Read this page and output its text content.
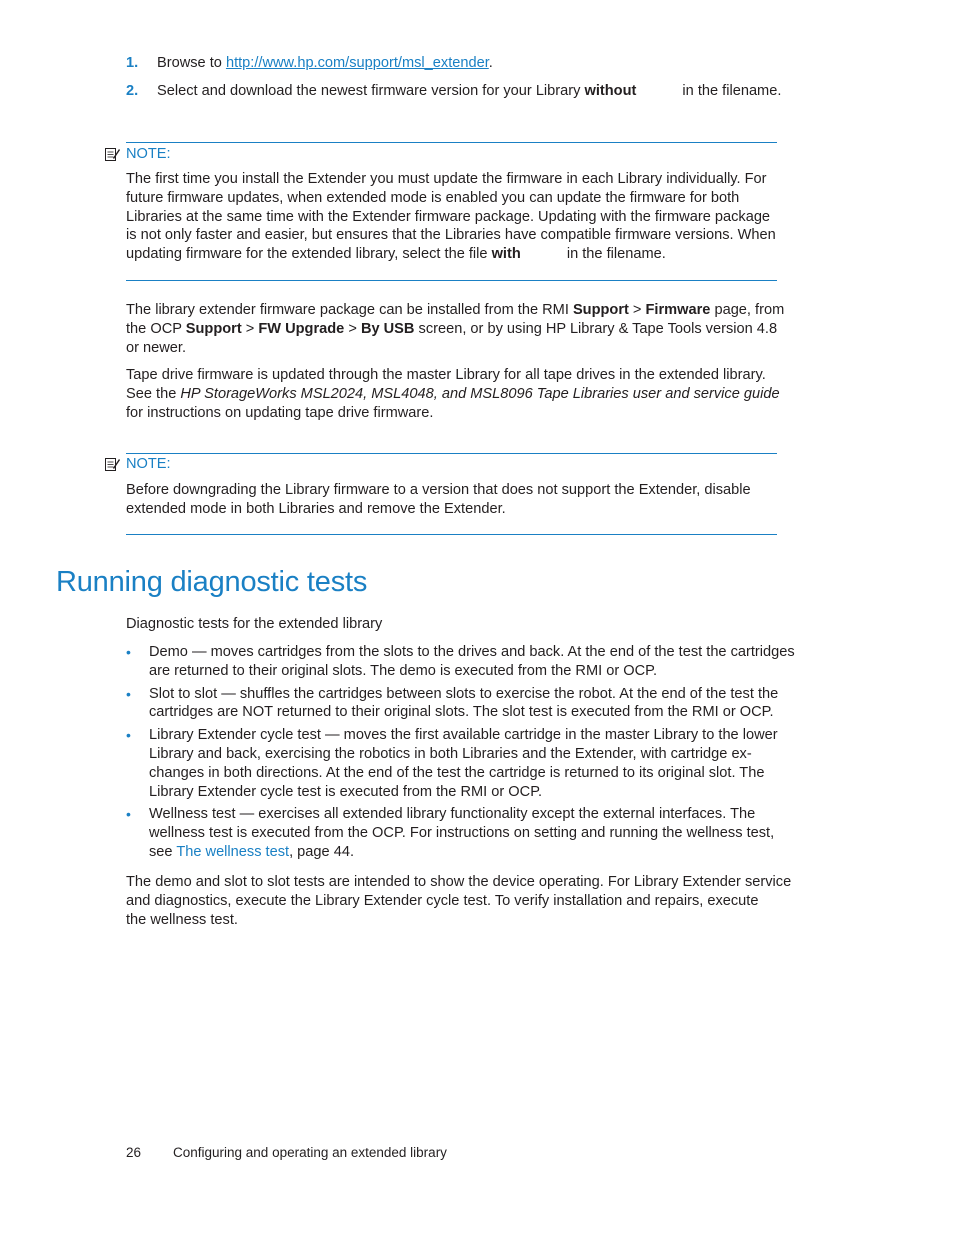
1. Browse to http://www.hp.com/support/msl_extender.
2. Select and download the newest firmware version for your Library without	in the filename.
NOTE:
The first time you install the Extender you must update the firmware in each Library individually. For
future firmware updates, when extended mode is enabled you can update the firmware for both
Libraries at the same time with the Extender firmware package. Updating with the firmware package
is not only faster and easier, but ensures that the Libraries have compatible firmware versions. When
updating firmware for the extended library, select the file with	in the filename.
The library extender firmware package can be installed from the RMI Support > Firmware page, from
the OCP Support > FW Upgrade > By USB screen, or by using HP Library & Tape Tools version 4.8
or newer.
Tape drive firmware is updated through the master Library for all tape drives in the extended library.
See the HP StorageWorks MSL2024, MSL4048, and MSL8096 Tape Libraries user and service guide
for instructions on updating tape drive firmware.
NOTE:
Before downgrading the Library firmware to a version that does not support the Extender, disable
extended mode in both Libraries and remove the Extender.
Running diagnostic tests
Diagnostic tests for the extended library
• Demo — moves cartridges from the slots to the drives and back. At the end of the test the cartridges
are returned to their original slots. The demo is executed from the RMI or OCP.
• Slot to slot — shuffles the cartridges between slots to exercise the robot. At the end of the test the
cartridges are NOT returned to their original slots. The slot test is executed from the RMI or OCP.
• Library Extender cycle test — moves the first available cartridge in the master Library to the lower
Library and back, exercising the robotics in both Libraries and the Extender, with cartridge ex-
changes in both directions. At the end of the test the cartridge is returned to its original slot. The
Library Extender cycle test is executed from the RMI or OCP.
• Wellness test — exercises all extended library functionality except the external interfaces. The
wellness test is executed from the OCP. For instructions on setting and running the wellness test,
see The wellness test, page 44.
The demo and slot to slot tests are intended to show the device operating. For Library Extender service
and diagnostics, execute the Library Extender cycle test. To verify installation and repairs, execute
the wellness test.
26 Configuring and operating an extended library
